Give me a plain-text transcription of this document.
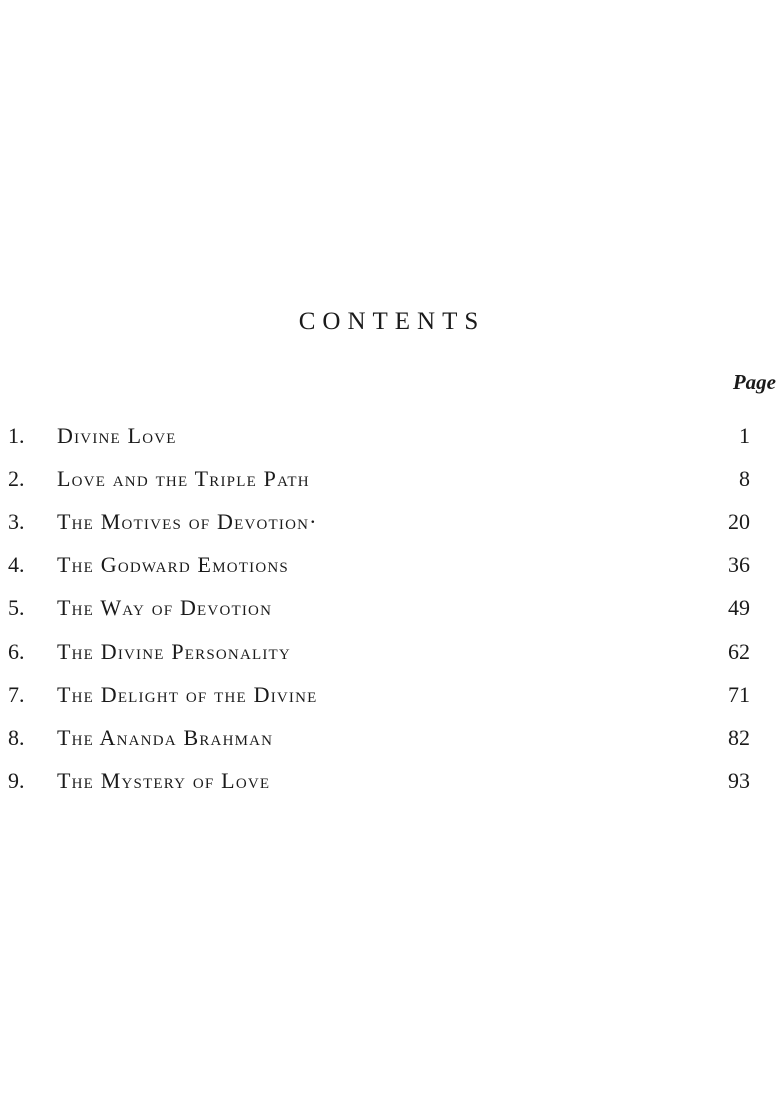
CONTENTS
Page
1. Divine Love	1
2. Love and the Triple Path	8
3. The Motives of Devotion·	20
4. The Godward Emotions	36
5. The Way of Devotion	49
6. The Divine Personality	62
7. The Delight of the Divine	71
8. The Ananda Brahman	82
9. The Mystery of Love	93
